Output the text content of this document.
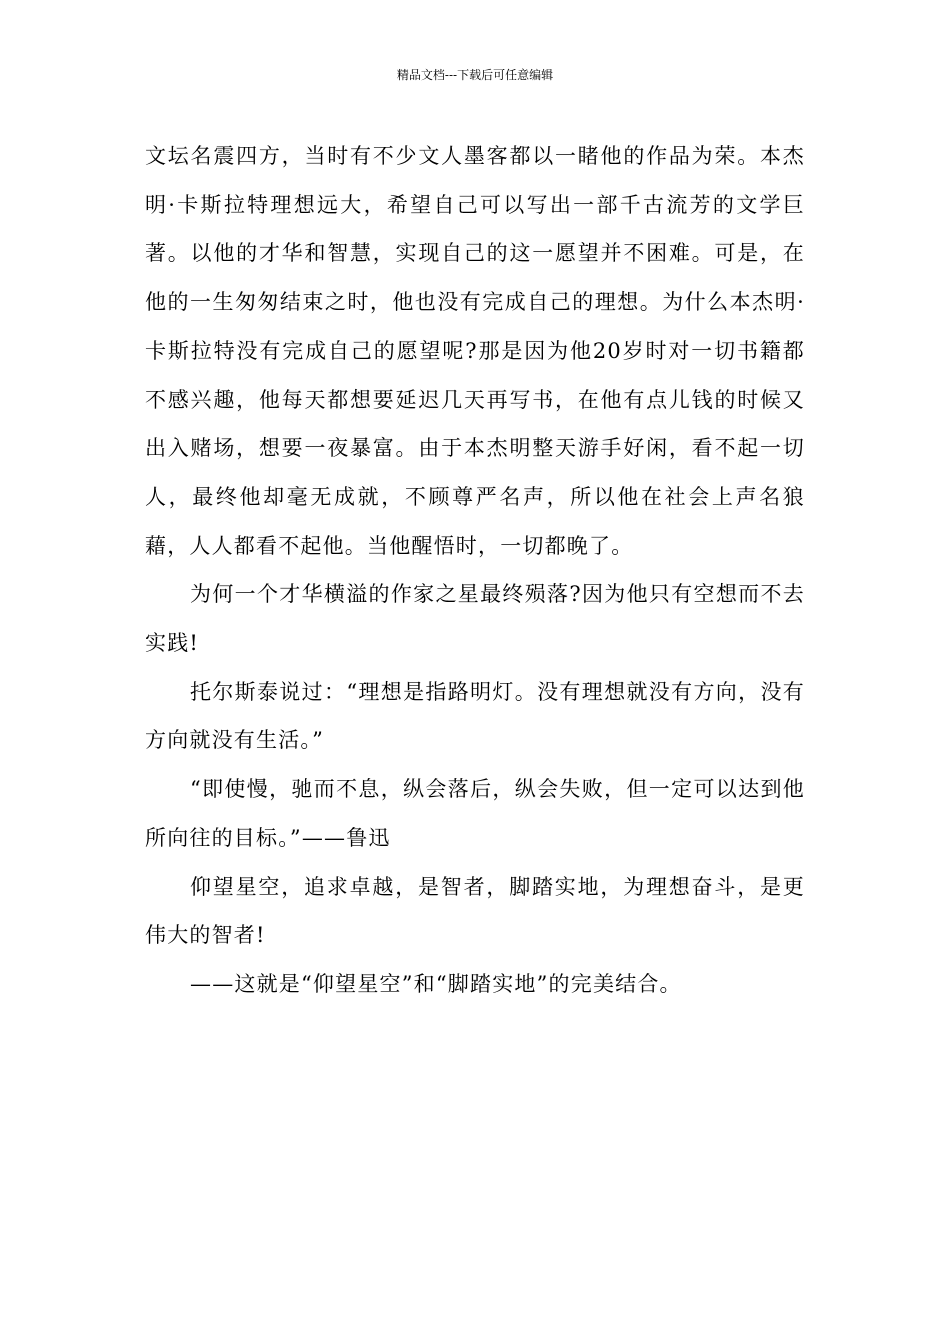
精品文档---下载后可任意编辑

文坛名震四方，当时有不少文人墨客都以一睹他的作品为荣。本杰明·卡斯拉特理想远大，希望自己可以写出一部千古流芳的文学巨著。以他的才华和智慧，实现自己的这一愿望并不困难。可是，在他的一生匆匆结束之时，他也没有完成自己的理想。为什么本杰明·卡斯拉特没有完成自己的愿望呢?那是因为他20岁时对一切书籍都不感兴趣，他每天都想要延迟几天再写书，在他有点儿钱的时候又出入赌场，想要一夜暴富。由于本杰明整天游手好闲，看不起一切人，最终他却毫无成就，不顾尊严名声，所以他在社会上声名狼藉，人人都看不起他。当他醒悟时，一切都晚了。

为何一个才华横溢的作家之星最终殒落?因为他只有空想而不去实践!

托尔斯泰说过：“理想是指路明灯。没有理想就没有方向，没有方向就没有生活。”

“即使慢，驰而不息，纵会落后，纵会失败，但一定可以达到他所向往的目标。”——鲁迅

仰望星空，追求卓越，是智者，脚踏实地，为理想奋斗，是更伟大的智者!

——这就是“仰望星空”和“脚踏实地”的完美结合。
